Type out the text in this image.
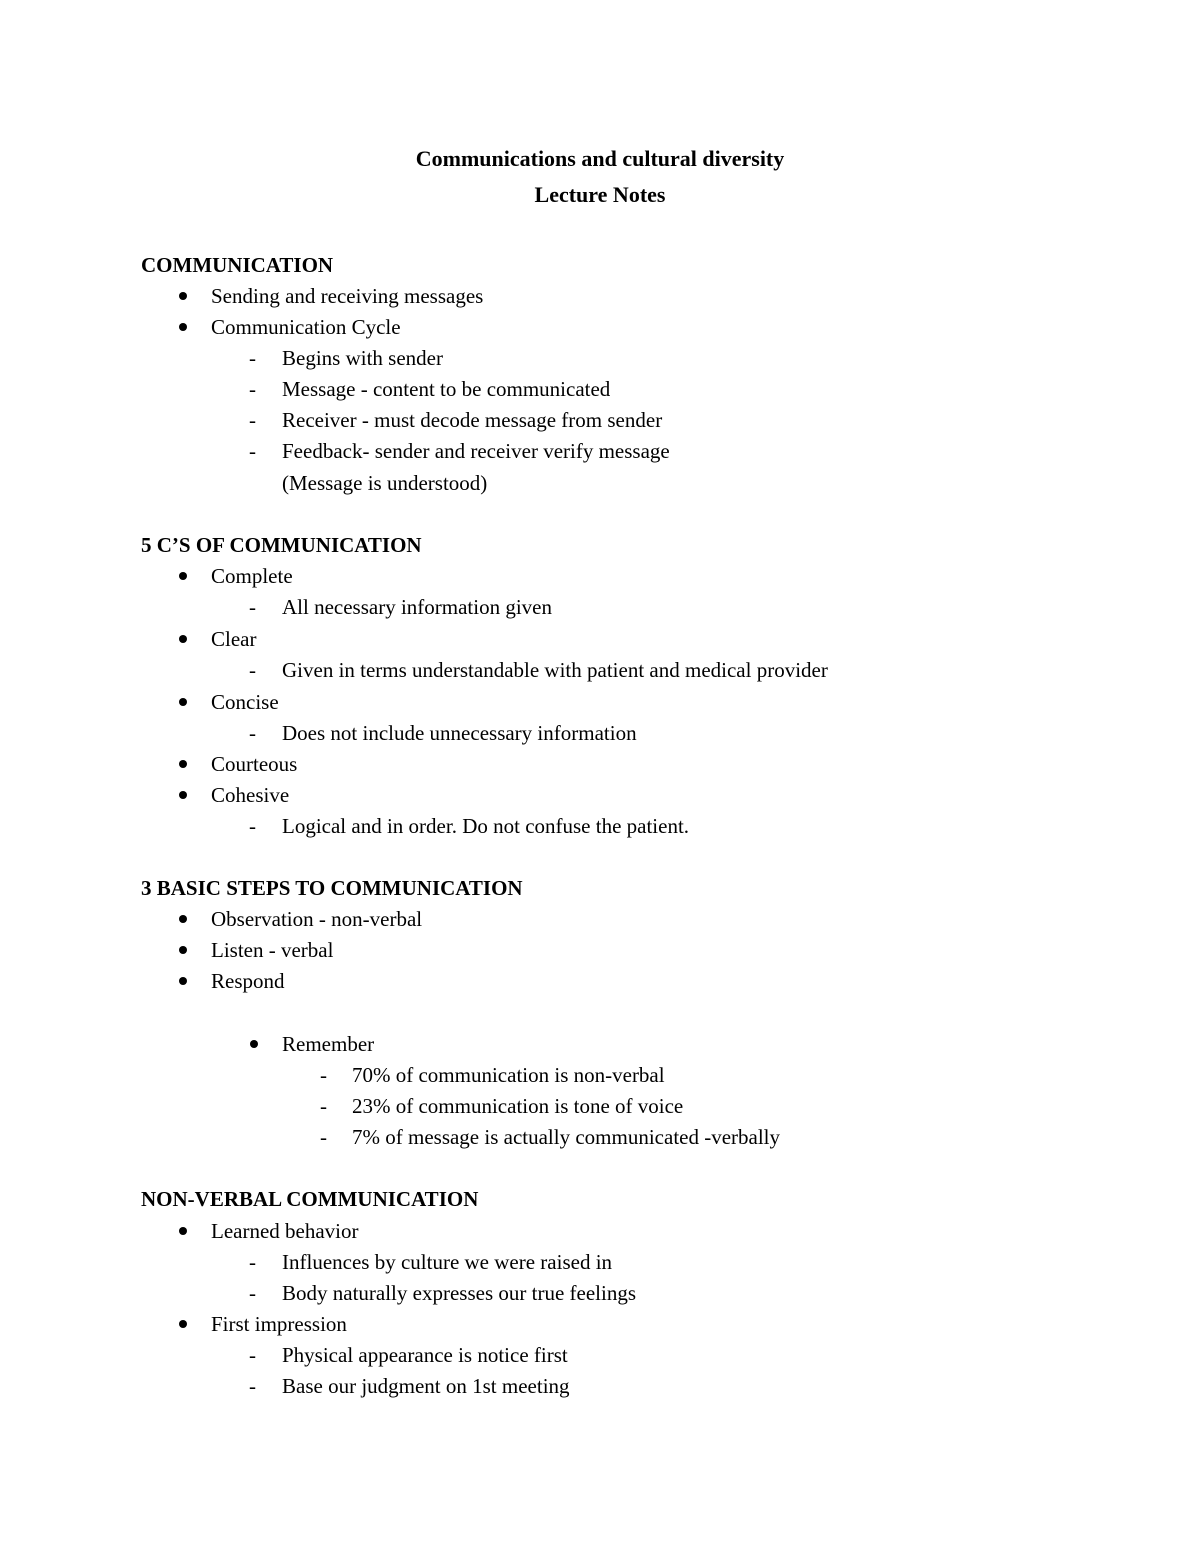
Communications and cultural diversity
Lecture Notes
COMMUNICATION
Sending and receiving messages
Communication Cycle
- Begins with sender
- Message - content to be communicated
- Receiver - must decode message from sender
- Feedback- sender and receiver verify message
(Message is understood)
5 C’S OF COMMUNICATION
Complete
- All necessary information given
Clear
- Given in terms understandable with patient and medical provider
Concise
- Does not include unnecessary information
Courteous
Cohesive
- Logical and in order. Do not confuse the patient.
3 BASIC STEPS TO COMMUNICATION
Observation - non-verbal
Listen - verbal
Respond
Remember
- 70% of communication is non-verbal
- 23% of communication is tone of voice
- 7% of message is actually communicated -verbally
NON-VERBAL COMMUNICATION
Learned behavior
- Influences by culture we were raised in
- Body naturally expresses our true feelings
First impression
- Physical appearance is notice first
- Base our judgment on 1st meeting
